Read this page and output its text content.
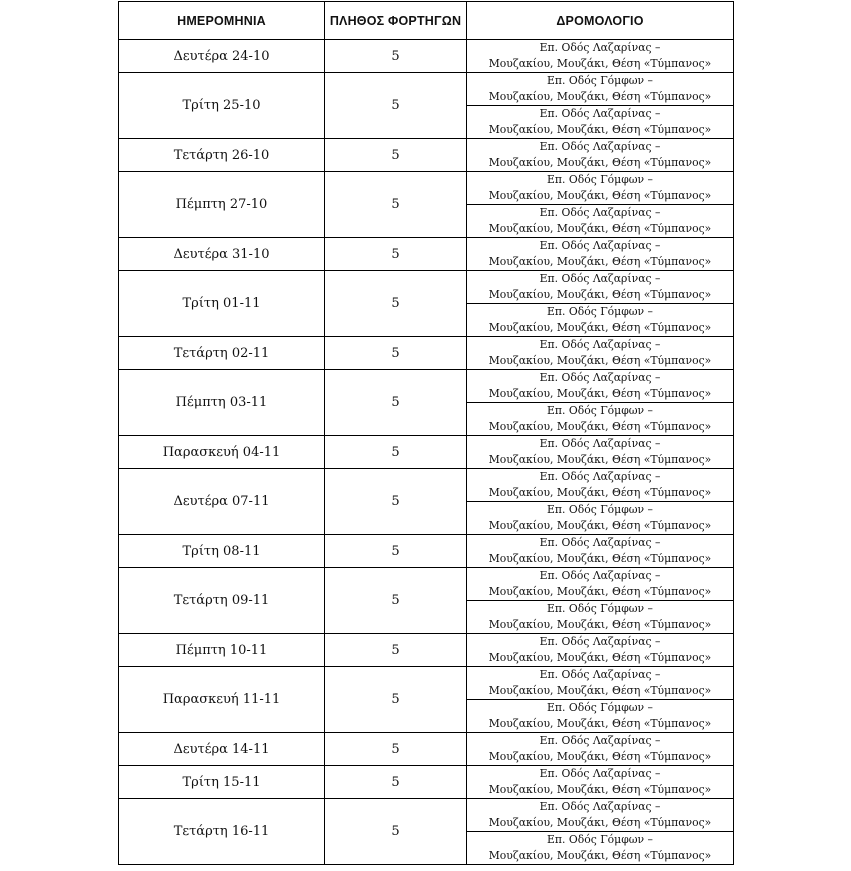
ΗΜΕΡΟΜΗΝΙΑ	ΠΛΗΘΟΣ ΦΟΡΤΗΓΩΝ	ΔΡΟΜΟΛΟΓΙΟ
Δευτέρα 24-10	5	Επ. Οδός Λαζαρίνας –
Μουζακίου, Μουζάκι, Θέση «Τύμπανος»

Τρίτη 25-10	5	Επ. Οδός Γόμφων –
Μουζακίου, Μουζάκι, Θέση «Τύμπανος»

		Επ. Οδός Λαζαρίνας –
Μουζακίου, Μουζάκι, Θέση «Τύμπανος»

Τετάρτη 26-10	5	Επ. Οδός Λαζαρίνας –
Μουζακίου, Μουζάκι, Θέση «Τύμπανος»

Πέμπτη 27-10	5	Επ. Οδός Γόμφων –
Μουζακίου, Μουζάκι, Θέση «Τύμπανος»

		Επ. Οδός Λαζαρίνας –
Μουζακίου, Μουζάκι, Θέση «Τύμπανος»

Δευτέρα 31-10	5	Επ. Οδός Λαζαρίνας –
Μουζακίου, Μουζάκι, Θέση «Τύμπανος»

Τρίτη 01-11	5	Επ. Οδός Λαζαρίνας –
Μουζακίου, Μουζάκι, Θέση «Τύμπανος»

		Επ. Οδός Γόμφων –
Μουζακίου, Μουζάκι, Θέση «Τύμπανος»

Τετάρτη 02-11	5	Επ. Οδός Λαζαρίνας –
Μουζακίου, Μουζάκι, Θέση «Τύμπανος»

Πέμπτη 03-11	5	Επ. Οδός Λαζαρίνας –
Μουζακίου, Μουζάκι, Θέση «Τύμπανος»

		Επ. Οδός Γόμφων –
Μουζακίου, Μουζάκι, Θέση «Τύμπανος»

Παρασκευή 04-11	5	Επ. Οδός Λαζαρίνας –
Μουζακίου, Μουζάκι, Θέση «Τύμπανος»

Δευτέρα 07-11	5	Επ. Οδός Λαζαρίνας –
Μουζακίου, Μουζάκι, Θέση «Τύμπανος»

		Επ. Οδός Γόμφων –
Μουζακίου, Μουζάκι, Θέση «Τύμπανος»

Τρίτη 08-11	5	Επ. Οδός Λαζαρίνας –
Μουζακίου, Μουζάκι, Θέση «Τύμπανος»

Τετάρτη 09-11	5	Επ. Οδός Λαζαρίνας –
Μουζακίου, Μουζάκι, Θέση «Τύμπανος»

		Επ. Οδός Γόμφων –
Μουζακίου, Μουζάκι, Θέση «Τύμπανος»

Πέμπτη 10-11	5	Επ. Οδός Λαζαρίνας –
Μουζακίου, Μουζάκι, Θέση «Τύμπανος»

Παρασκευή 11-11	5	Επ. Οδός Λαζαρίνας –
Μουζακίου, Μουζάκι, Θέση «Τύμπανος»

		Επ. Οδός Γόμφων –
Μουζακίου, Μουζάκι, Θέση «Τύμπανος»

Δευτέρα 14-11	5	Επ. Οδός Λαζαρίνας –
Μουζακίου, Μουζάκι, Θέση «Τύμπανος»

Τρίτη 15-11	5	Επ. Οδός Λαζαρίνας –
Μουζακίου, Μουζάκι, Θέση «Τύμπανος»

Τετάρτη 16-11	5	Επ. Οδός Λαζαρίνας –
Μουζακίου, Μουζάκι, Θέση «Τύμπανος»

		Επ. Οδός Γόμφων –
Μουζακίου, Μουζάκι, Θέση «Τύμπανος»
